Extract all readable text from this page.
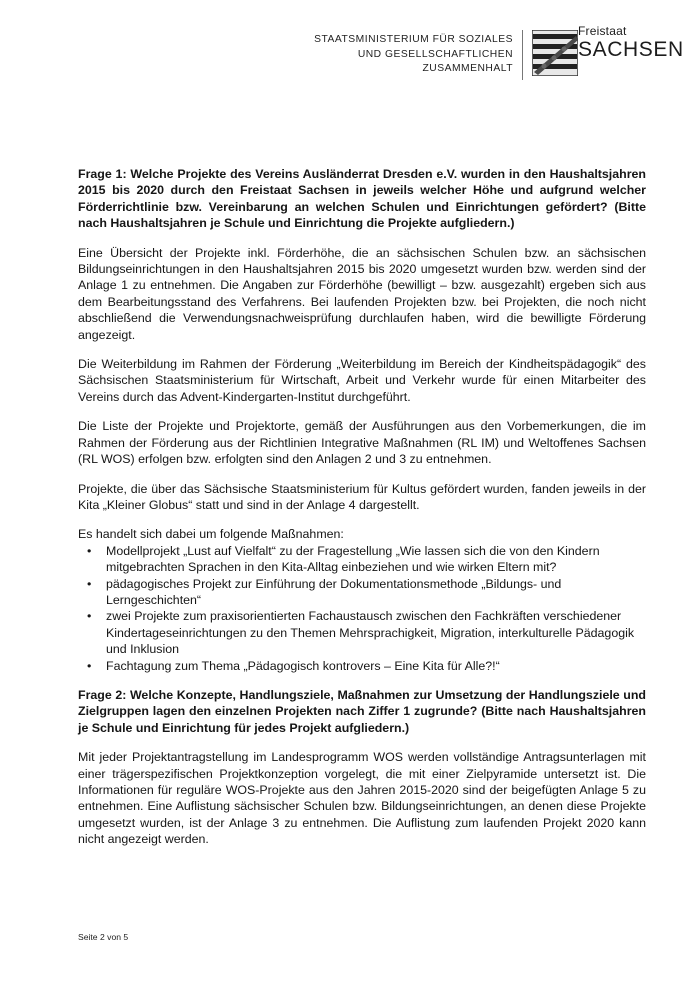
STAATSMINISTERIUM FÜR SOZIALES
UND GESELLSCHAFTLICHEN
ZUSAMMENHALT
Freistaat
SACHSEN

Frage 1: Welche Projekte des Vereins Ausländerrat Dresden e.V. wurden in den Haushaltsjahren 2015 bis 2020 durch den Freistaat Sachsen in jeweils welcher Höhe und aufgrund welcher Förderrichtlinie bzw. Vereinbarung an welchen Schulen und Einrichtungen gefördert? (Bitte nach Haushaltsjahren je Schule und Einrichtung die Projekte aufgliedern.)

Eine Übersicht der Projekte inkl. Förderhöhe, die an sächsischen Schulen bzw. an sächsischen Bildungseinrichtungen in den Haushaltsjahren 2015 bis 2020 umgesetzt wurden bzw. werden sind der Anlage 1 zu entnehmen. Die Angaben zur Förderhöhe (bewilligt – bzw. ausgezahlt) ergeben sich aus dem Bearbeitungsstand des Verfahrens. Bei laufenden Projekten bzw. bei Projekten, die noch nicht abschließend die Verwendungsnachweisprüfung durchlaufen haben, wird die bewilligte Förderung angezeigt.

Die Weiterbildung im Rahmen der Förderung „Weiterbildung im Bereich der Kindheitspädagogik“ des Sächsischen Staatsministerium für Wirtschaft, Arbeit und Verkehr wurde für einen Mitarbeiter des Vereins durch das Advent-Kindergarten-Institut durchgeführt.

Die Liste der Projekte und Projektorte, gemäß der Ausführungen aus den Vorbemerkungen, die im Rahmen der Förderung aus der Richtlinien Integrative Maßnahmen (RL IM) und Weltoffenes Sachsen (RL WOS) erfolgen bzw. erfolgten sind den Anlagen 2 und 3 zu entnehmen.

Projekte, die über das Sächsische Staatsministerium für Kultus gefördert wurden, fanden jeweils in der Kita „Kleiner Globus“ statt und sind in der Anlage 4 dargestellt.

Es handelt sich dabei um folgende Maßnahmen:

• Modellprojekt „Lust auf Vielfalt“ zu der Fragestellung „Wie lassen sich die von den Kindern mitgebrachten Sprachen in den Kita-Alltag einbeziehen und wie wirken Eltern mit?
• pädagogisches Projekt zur Einführung der Dokumentationsmethode „Bildungs- und Lerngeschichten“
• zwei Projekte zum praxisorientierten Fachaustausch zwischen den Fachkräften verschiedener Kindertageseinrichtungen zu den Themen Mehrsprachigkeit, Migration, interkulturelle Pädagogik und Inklusion
• Fachtagung zum Thema „Pädagogisch kontrovers – Eine Kita für Alle?!“

Frage 2: Welche Konzepte, Handlungsziele, Maßnahmen zur Umsetzung der Handlungsziele und Zielgruppen lagen den einzelnen Projekten nach Ziffer 1 zugrunde? (Bitte nach Haushaltsjahren je Schule und Einrichtung für jedes Projekt aufgliedern.)

Mit jeder Projektantragstellung im Landesprogramm WOS werden vollständige Antragsunterlagen mit einer trägerspezifischen Projektkonzeption vorgelegt, die mit einer Zielpyramide untersetzt ist. Die Informationen für reguläre WOS-Projekte aus den Jahren 2015-2020 sind der beigefügten Anlage 5 zu entnehmen. Eine Auflistung sächsischer Schulen bzw. Bildungseinrichtungen, an denen diese Projekte umgesetzt wurden, ist der Anlage 3 zu entnehmen. Die Auflistung zum laufenden Projekt 2020 kann nicht angezeigt werden.

Seite 2 von 5
